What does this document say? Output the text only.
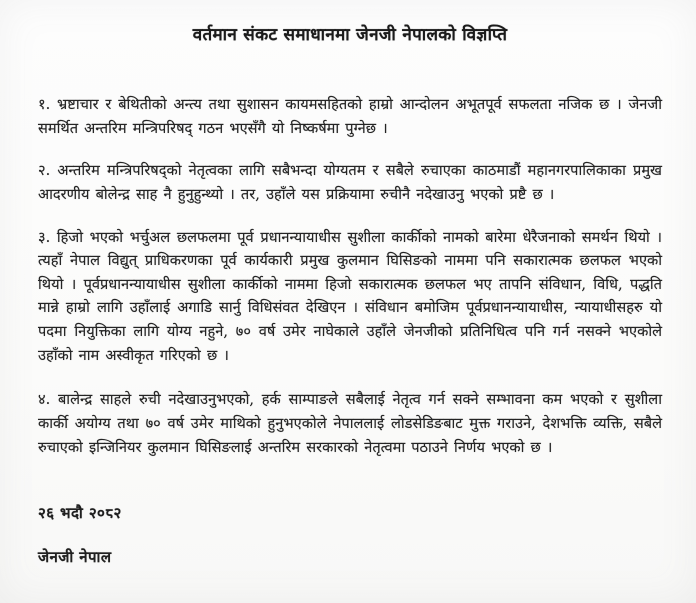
वर्तमान संकट समाधानमा जेनजी नेपालको विज्ञप्ति

१. भ्रष्टाचार र बेथितीको अन्त्य तथा सुशासन कायमसहितको हाम्रो आन्दोलन अभूतपूर्व सफलता नजिक छ । जेनजी समर्थित अन्तरिम मन्त्रिपरिषद् गठन भएसँगै यो निष्कर्षमा पुग्नेछ ।

२. अन्तरिम मन्त्रिपरिषद्को नेतृत्वका लागि सबैभन्दा योग्यतम र सबैले रुचाएका काठमाडौं महानगरपालिकाका प्रमुख आदरणीय बोलेन्द्र साह नै हुनुहुन्थ्यो । तर, उहाँले यस प्रक्रियामा रुचीनै नदेखाउनु भएको प्रष्टै छ ।

३. हिजो भएको भर्चुअल छलफलमा पूर्व प्रधानन्यायाधीस सुशीला कार्कीको नामको बारेमा धेरैजनाको समर्थन थियो । त्यहाँ नेपाल विद्युत् प्राधिकरणका पूर्व कार्यकारी प्रमुख कुलमान घिसिङको नाममा पनि सकारात्मक छलफल भएको थियो । पूर्वप्रधानन्यायाधीस सुशीला कार्कीको नाममा हिजो सकारात्मक छलफल भए तापनि संविधान, विधि, पद्धति मान्ने हाम्रो लागि उहाँलाई अगाडि सार्नु विधिसंवत देखिएन । संविधान बमोजिम पूर्वप्रधानन्यायाधीस, न्यायाधीसहरु यो पदमा नियुक्तिका लागि योग्य नहुने, ७० वर्ष उमेर नाघेकाले उहाँले जेनजीको प्रतिनिधित्व पनि गर्न नसक्ने भएकोले उहाँको नाम अस्वीकृत गरिएको छ ।

४. बालेन्द्र साहले रुची नदेखाउनुभएको, हर्क साम्पाङले सबैलाई नेतृत्व गर्न सक्ने सम्भावना कम भएको र सुशीला कार्की अयोग्य तथा ७० वर्ष उमेर माथिको हुनुभएकोले नेपाललाई लोडसेडिङबाट मुक्त गराउने, देशभक्ति व्यक्ति, सबैले रुचाएको इन्जिनियर कुलमान घिसिङलाई अन्तरिम सरकारको नेतृत्वमा पठाउने निर्णय भएको छ ।

२६ भदौ २०८२
जेनजी नेपाल
